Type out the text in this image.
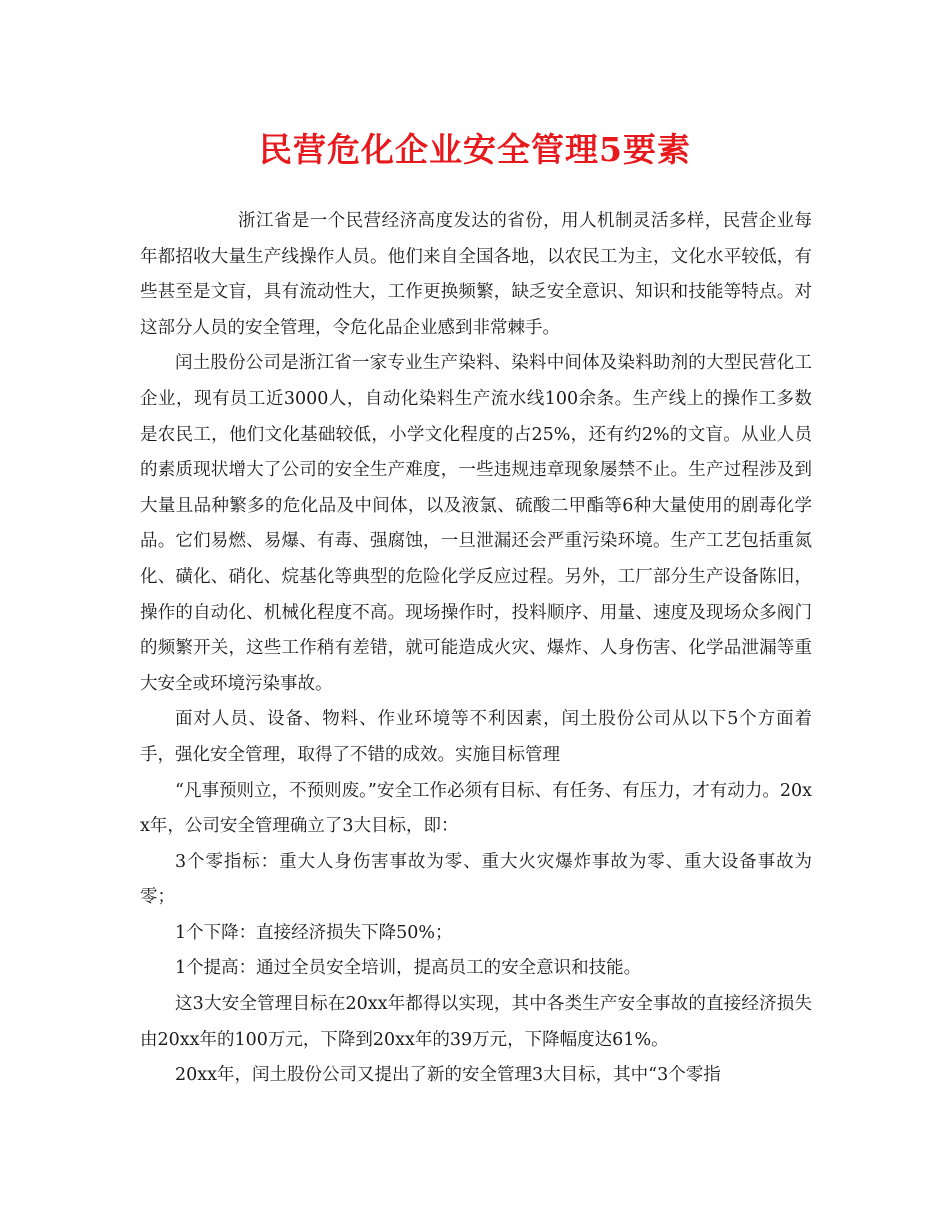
民营危化企业安全管理5要素

浙江省是一个民营经济高度发达的省份，用人机制灵活多样，民营企业每年都招收大量生产线操作人员。他们来自全国各地，以农民工为主，文化水平较低，有些甚至是文盲，具有流动性大，工作更换频繁，缺乏安全意识、知识和技能等特点。对这部分人员的安全管理，令危化品企业感到非常棘手。

闰土股份公司是浙江省一家专业生产染料、染料中间体及染料助剂的大型民营化工企业，现有员工近3000人，自动化染料生产流水线100余条。生产线上的操作工多数是农民工，他们文化基础较低，小学文化程度的占25%，还有约2%的文盲。从业人员的素质现状增大了公司的安全生产难度，一些违规违章现象屡禁不止。生产过程涉及到大量且品种繁多的危化品及中间体，以及液氯、硫酸二甲酯等6种大量使用的剧毒化学品。它们易燃、易爆、有毒、强腐蚀，一旦泄漏还会严重污染环境。生产工艺包括重氮化、磺化、硝化、烷基化等典型的危险化学反应过程。另外，工厂部分生产设备陈旧，操作的自动化、机械化程度不高。现场操作时，投料顺序、用量、速度及现场众多阀门的频繁开关，这些工作稍有差错，就可能造成火灾、爆炸、人身伤害、化学品泄漏等重大安全或环境污染事故。

面对人员、设备、物料、作业环境等不利因素，闰土股份公司从以下5个方面着手，强化安全管理，取得了不错的成效。实施目标管理

“凡事预则立，不预则废。”安全工作必须有目标、有任务、有压力，才有动力。20xx年，公司安全管理确立了3大目标，即：

3个零指标：重大人身伤害事故为零、重大火灾爆炸事故为零、重大设备事故为零；

1个下降：直接经济损失下降50%；

1个提高：通过全员安全培训，提高员工的安全意识和技能。

这3大安全管理目标在20xx年都得以实现，其中各类生产安全事故的直接经济损失由20xx年的100万元，下降到20xx年的39万元，下降幅度达61%。

20xx年，闰土股份公司又提出了新的安全管理3大目标，其中“3个零指
